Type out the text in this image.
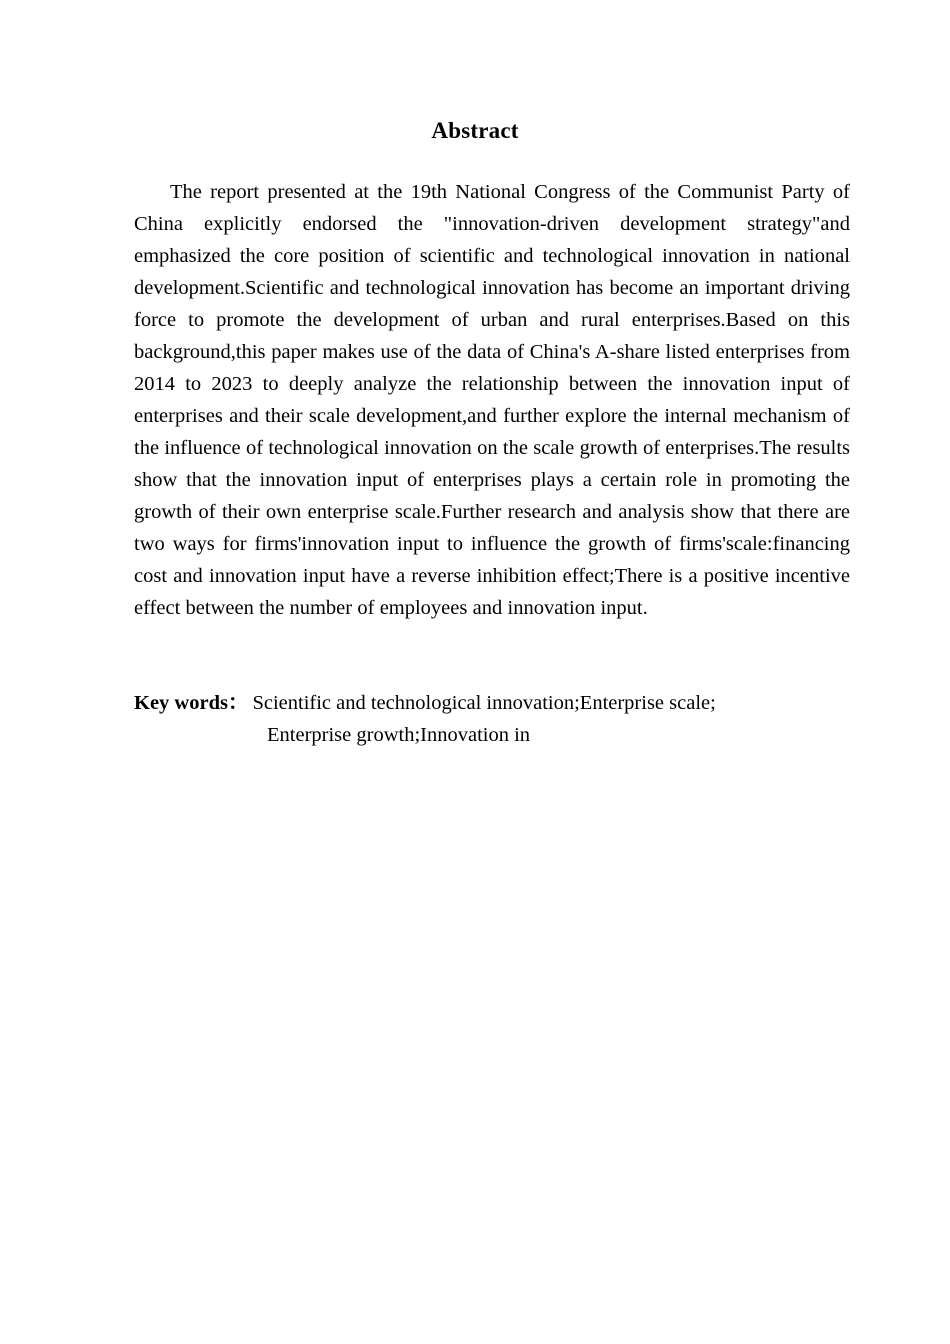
Abstract
The report presented at the 19th National Congress of the Communist Party of China explicitly endorsed the "innovation-driven development strategy"and emphasized the core position of scientific and technological innovation in national development.Scientific and technological innovation has become an important driving force to promote the development of urban and rural enterprises.Based on this background,this paper makes use of the data of China's A-share listed enterprises from 2014 to 2023 to deeply analyze the relationship between the innovation input of enterprises and their scale development,and further explore the internal mechanism of the influence of technological innovation on the scale growth of enterprises.The results show that the innovation input of enterprises plays a certain role in promoting the growth of their own enterprise scale.Further research and analysis show that there are two ways for firms'innovation input to influence the growth of firms'scale:financing cost and innovation input have a reverse inhibition effect;There is a positive incentive effect between the number of employees and innovation input.
Key words： Scientific and technological innovation;Enterprise scale;
Enterprise growth;Innovation in
